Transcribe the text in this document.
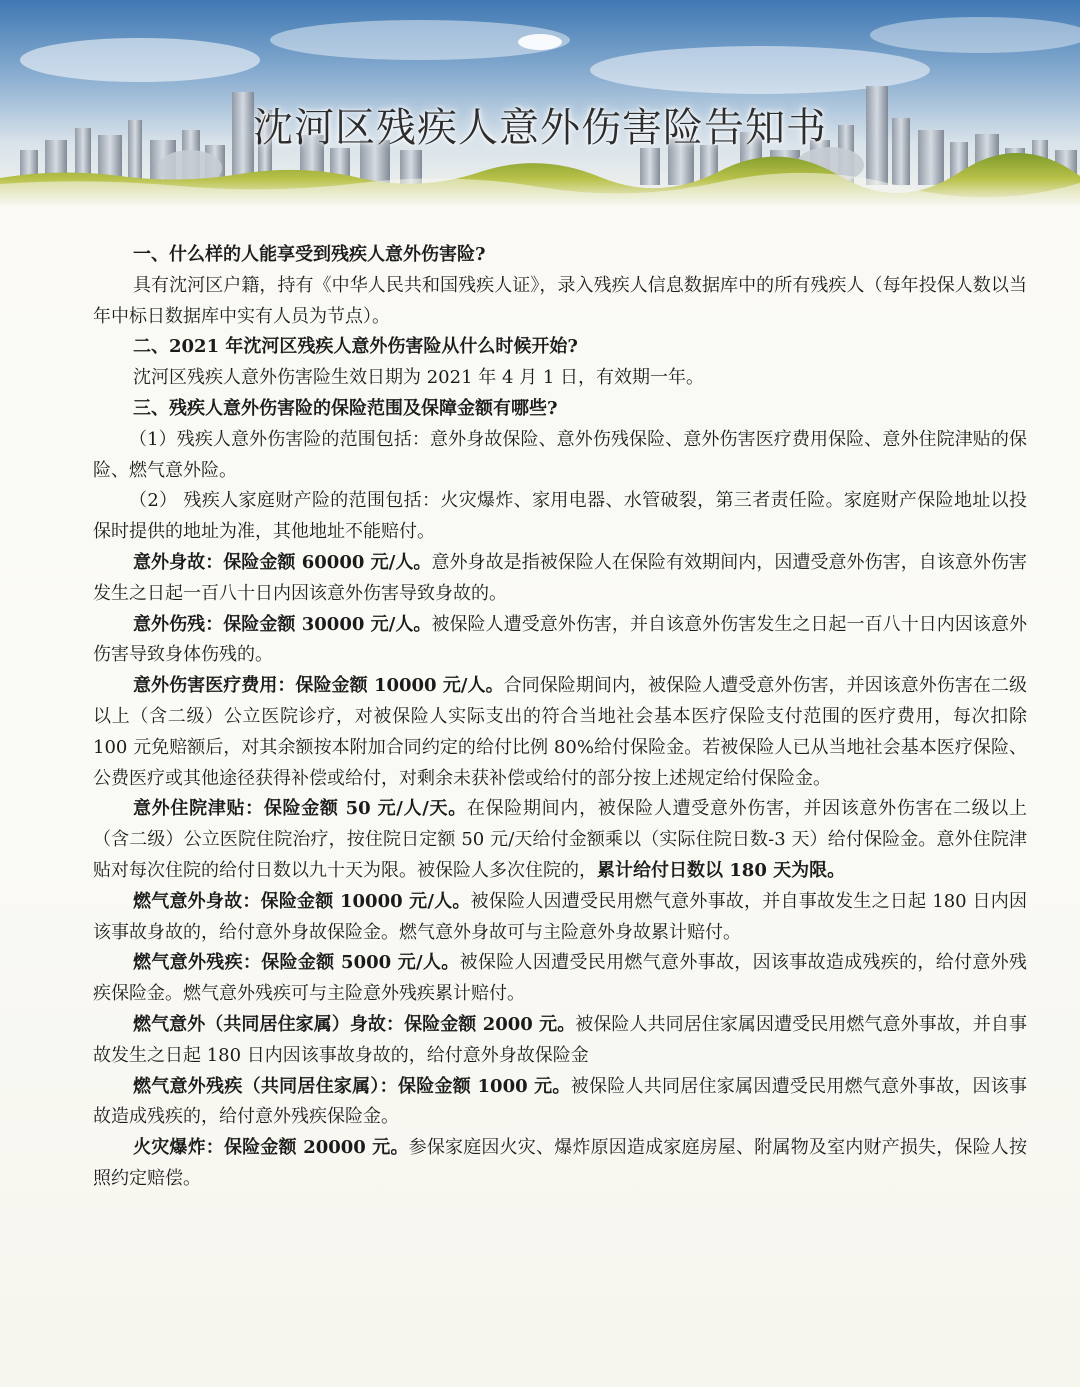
沈河区残疾人意外伤害险告知书

一、什么样的人能享受到残疾人意外伤害险?

具有沈河区户籍，持有《中华人民共和国残疾人证》，录入残疾人信息数据库中的所有残疾人（每年投保人数以当年中标日数据库中实有人员为节点）。

二、2021 年沈河区残疾人意外伤害险从什么时候开始?

沈河区残疾人意外伤害险生效日期为 2021 年 4 月 1 日，有效期一年。

三、残疾人意外伤害险的保险范围及保障金额有哪些?

（1）残疾人意外伤害险的范围包括：意外身故保险、意外伤残保险、意外伤害医疗费用保险、意外住院津贴的保险、燃气意外险。

（2） 残疾人家庭财产险的范围包括：火灾爆炸、家用电器、水管破裂，第三者责任险。家庭财产保险地址以投保时提供的地址为准，其他地址不能赔付。

意外身故：保险金额 60000 元/人。意外身故是指被保险人在保险有效期间内，因遭受意外伤害，自该意外伤害发生之日起一百八十日内因该意外伤害导致身故的。

意外伤残：保险金额 30000 元/人。被保险人遭受意外伤害，并自该意外伤害发生之日起一百八十日内因该意外伤害导致身体伤残的。

意外伤害医疗费用：保险金额 10000 元/人。合同保险期间内，被保险人遭受意外伤害，并因该意外伤害在二级以上（含二级）公立医院诊疗，对被保险人实际支出的符合当地社会基本医疗保险支付范围的医疗费用，每次扣除 100 元免赔额后，对其余额按本附加合同约定的给付比例 80%给付保险金。若被保险人已从当地社会基本医疗保险、公费医疗或其他途径获得补偿或给付，对剩余未获补偿或给付的部分按上述规定给付保险金。

意外住院津贴：保险金额 50 元/人/天。在保险期间内，被保险人遭受意外伤害，并因该意外伤害在二级以上（含二级）公立医院住院治疗，按住院日定额 50 元/天给付金额乘以（实际住院日数-3 天）给付保险金。意外住院津贴对每次住院的给付日数以九十天为限。被保险人多次住院的，累计给付日数以 180 天为限。

燃气意外身故：保险金额 10000 元/人。被保险人因遭受民用燃气意外事故，并自事故发生之日起 180 日内因该事故身故的，给付意外身故保险金。燃气意外身故可与主险意外身故累计赔付。

燃气意外残疾：保险金额 5000 元/人。被保险人因遭受民用燃气意外事故，因该事故造成残疾的，给付意外残疾保险金。燃气意外残疾可与主险意外残疾累计赔付。

燃气意外（共同居住家属）身故：保险金额 2000 元。被保险人共同居住家属因遭受民用燃气意外事故，并自事故发生之日起 180 日内因该事故身故的，给付意外身故保险金

燃气意外残疾（共同居住家属）：保险金额 1000 元。被保险人共同居住家属因遭受民用燃气意外事故，因该事故造成残疾的，给付意外残疾保险金。

火灾爆炸：保险金额 20000 元。参保家庭因火灾、爆炸原因造成家庭房屋、附属物及室内财产损失，保险人按照约定赔偿。
